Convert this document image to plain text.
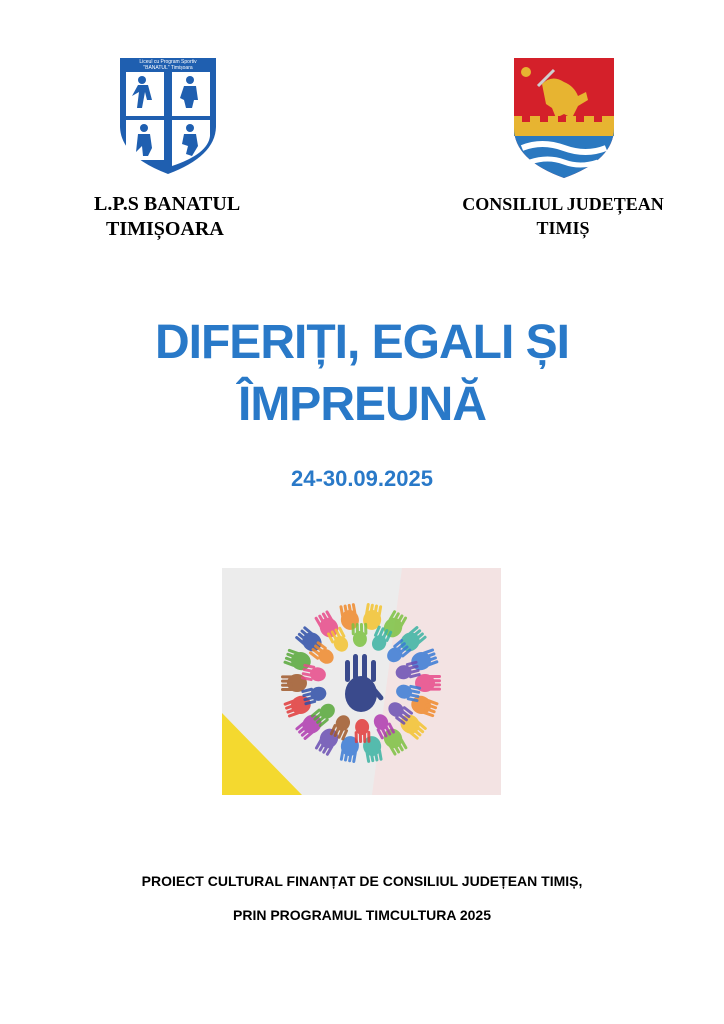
Liceul cu Program Sportiv
"BANATUL" Timișoara
L.P.S BANATUL
TIMIȘOARA
CONSILIUL JUDEȚEAN
TIMIȘ
DIFERIȚI, EGALI ȘI
ÎMPREUNĂ
24-30.09.2025
PROIECT CULTURAL FINANȚAT DE CONSILIUL JUDEȚEAN TIMIȘ,
PRIN PROGRAMUL TIMCULTURA 2025
